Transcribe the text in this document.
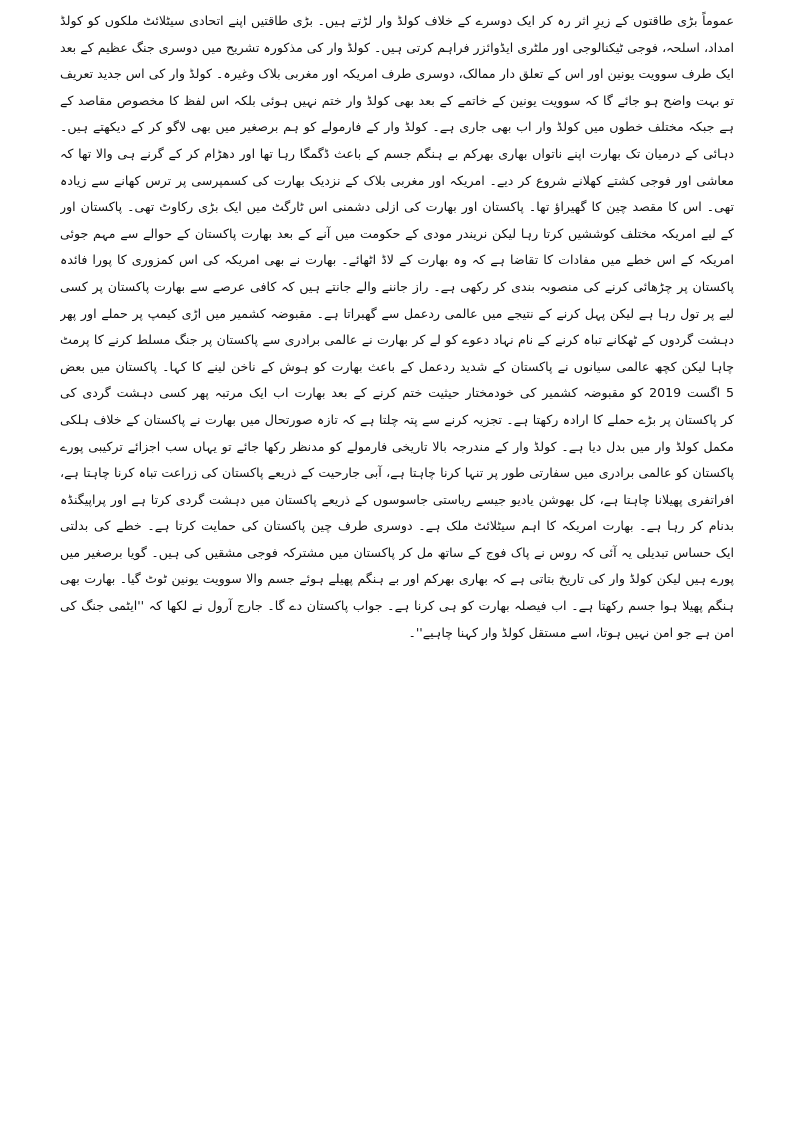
عموماً بڑی طاقتوں کے زیرِ اثر رہ کر ایک دوسرے کے خلاف کولڈ وار لڑتے ہیں۔ بڑی طاقتیں اپنے اتحادی سیٹلائٹ ملکوں کو کولڈ
امداد، اسلحہ، فوجی ٹیکنالوجی اور ملٹری ایڈوائزر فراہم کرتی ہیں۔ کولڈ وار کی مذکورہ تشریح میں دوسری جنگ عظیم کے بعد
ایک طرف سوویت یونین اور اس کے تعلق دار ممالک، دوسری طرف امریکہ اور مغربی بلاک وغیرہ۔ کولڈ وار کی اس جدید تعریف
تو بہت واضح ہو جائے گا کہ سوویت یونین کے خاتمے کے بعد بھی کولڈ وار ختم نہیں ہوئی بلکہ اس لفظ کا مخصوص مقاصد کے
ہے جبکہ مختلف خطوں میں کولڈ وار اب بھی جاری ہے۔ کولڈ وار کے فارمولے کو ہم برصغیر میں بھی لاگو کر کے دیکھتے ہیں۔
دہائی کے درمیان تک بھارت اپنے ناتواں بھاری بھرکم بے ہنگم جسم کے باعث ڈگمگا رہا تھا اور دھڑام کر کے گرنے ہی والا تھا کہ
معاشی اور فوجی کشتے کھلانے شروع کر دیے۔ امریکہ اور مغربی بلاک کے نزدیک بھارت کی کسمپرسی پر ترس کھانے سے زیادہ
تھی۔ اس کا مقصد چین کا گھیراؤ تھا۔ پاکستان اور بھارت کی ازلی دشمنی اس ٹارگٹ میں ایک بڑی رکاوٹ تھی۔ پاکستان اور
کے لیے امریکہ مختلف کوششیں کرتا رہا لیکن نریندر مودی کے حکومت میں آنے کے بعد بھارت پاکستان کے حوالے سے مہم جوئی
امریکہ کے اس خطے میں مفادات کا تقاضا ہے کہ وہ بھارت کے لاڈ اٹھائے۔ بھارت نے بھی امریکہ کی اس کمزوری کا پورا فائدہ
پاکستان پر چڑھائی کرنے کی منصوبہ بندی کر رکھی ہے۔ راز جاننے والے جانتے ہیں کہ کافی عرصے سے بھارت پاکستان پر کسی
لیے پر تول رہا ہے لیکن پہل کرنے کے نتیجے میں عالمی ردعمل سے گھبراتا ہے۔ مقبوضہ کشمیر میں اڑی کیمپ پر حملے اور پھر
دہشت گردوں کے ٹھکانے تباہ کرنے کے نام نہاد دعوے کو لے کر بھارت نے عالمی برادری سے پاکستان پر جنگ مسلط کرنے کا پرمٹ
چاہا لیکن کچھ عالمی سیانوں نے پاکستان کے شدید ردعمل کے باعث بھارت کو ہوش کے ناخن لینے کا کہا۔ پاکستان میں بعض
5 اگست 2019 کو مقبوضہ کشمیر کی خودمختار حیثیت ختم کرنے کے بعد بھارت اب ایک مرتبہ پھر کسی دہشت گردی کی
کر پاکستان پر بڑے حملے کا ارادہ رکھتا ہے۔ تجزیہ کرنے سے پتہ چلتا ہے کہ تازہ صورتحال میں بھارت نے پاکستان کے خلاف ہلکی
مکمل کولڈ وار میں بدل دیا ہے۔ کولڈ وار کے مندرجہ بالا تاریخی فارمولے کو مدنظر رکھا جائے تو یہاں سب اجزائے ترکیبی پورے
پاکستان کو عالمی برادری میں سفارتی طور پر تنہا کرنا چاہتا ہے، آبی جارحیت کے ذریعے پاکستان کی زراعت تباہ کرنا چاہتا ہے،
افراتفری پھیلانا چاہتا ہے، کل بھوشن یادیو جیسے ریاستی جاسوسوں کے ذریعے پاکستان میں دہشت گردی کرتا ہے اور پراپیگنڈہ
بدنام کر رہا ہے۔ بھارت امریکہ کا اہم سیٹلائٹ ملک ہے۔ دوسری طرف چین پاکستان کی حمایت کرتا ہے۔ خطے کی بدلتی
ایک حساس تبدیلی یہ آئی کہ روس نے پاک فوج کے ساتھ مل کر پاکستان میں مشترکہ فوجی مشقیں کی ہیں۔ گویا برصغیر میں
پورے ہیں لیکن کولڈ وار کی تاریخ بتاتی ہے کہ بھاری بھرکم اور بے ہنگم پھیلے ہوئے جسم والا سوویت یونین ٹوٹ گیا۔ بھارت بھی
ہنگم پھیلا ہوا جسم رکھتا ہے۔ اب فیصلہ بھارت کو ہی کرنا ہے۔ جواب پاکستان دے گا۔ جارج آرول نے لکھا کہ ''ایٹمی جنگ کی
امن ہے جو امن نہیں ہوتا، اسے مستقل کولڈ وار کہنا چاہیے''۔
